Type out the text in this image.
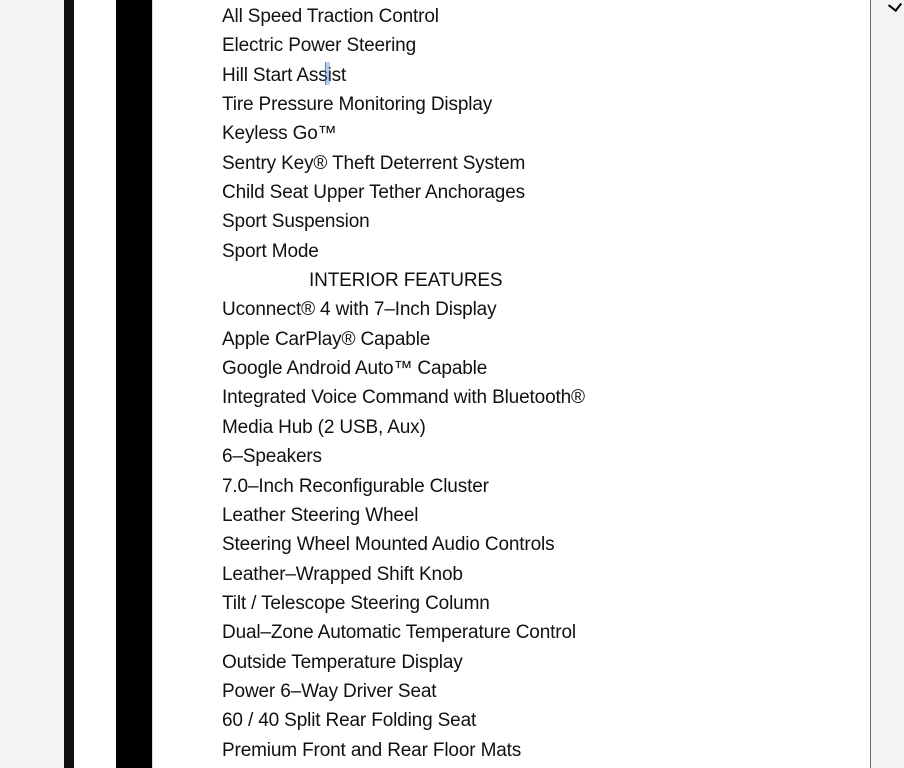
All Speed Traction Control
Electric Power Steering
Hill Start Assist
Tire Pressure Monitoring Display
Keyless Go™
Sentry Key® Theft Deterrent System
Child Seat Upper Tether Anchorages
Sport Suspension
Sport Mode
INTERIOR FEATURES
Uconnect® 4 with 7–Inch Display
Apple CarPlay® Capable
Google Android Auto™ Capable
Integrated Voice Command with Bluetooth®
Media Hub (2 USB, Aux)
6–Speakers
7.0–Inch Reconfigurable Cluster
Leather Steering Wheel
Steering Wheel Mounted Audio Controls
Leather–Wrapped Shift Knob
Tilt / Telescope Steering Column
Dual–Zone Automatic Temperature Control
Outside Temperature Display
Power 6–Way Driver Seat
60 / 40 Split Rear Folding Seat
Premium Front and Rear Floor Mats
